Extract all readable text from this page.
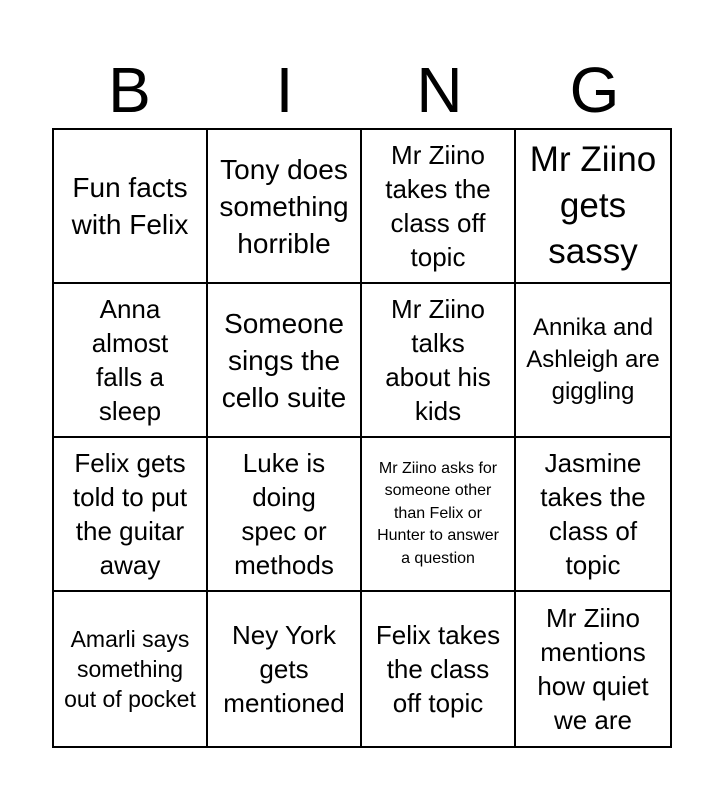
B	I	N	G
Fun facts with Felix
Tony does something horrible
Mr Ziino takes the class off topic
Mr Ziino gets sassy
Anna almost falls a sleep
Someone sings the cello suite
Mr Ziino talks about his kids
Annika and Ashleigh are giggling
Felix gets told to put the guitar away
Luke is doing spec or methods
Mr Ziino asks for someone other than Felix or Hunter to answer a question
Jasmine takes the class of topic
Amarli says something out of pocket
Ney York gets mentioned
Felix takes the class off topic
Mr Ziino mentions how quiet we are
